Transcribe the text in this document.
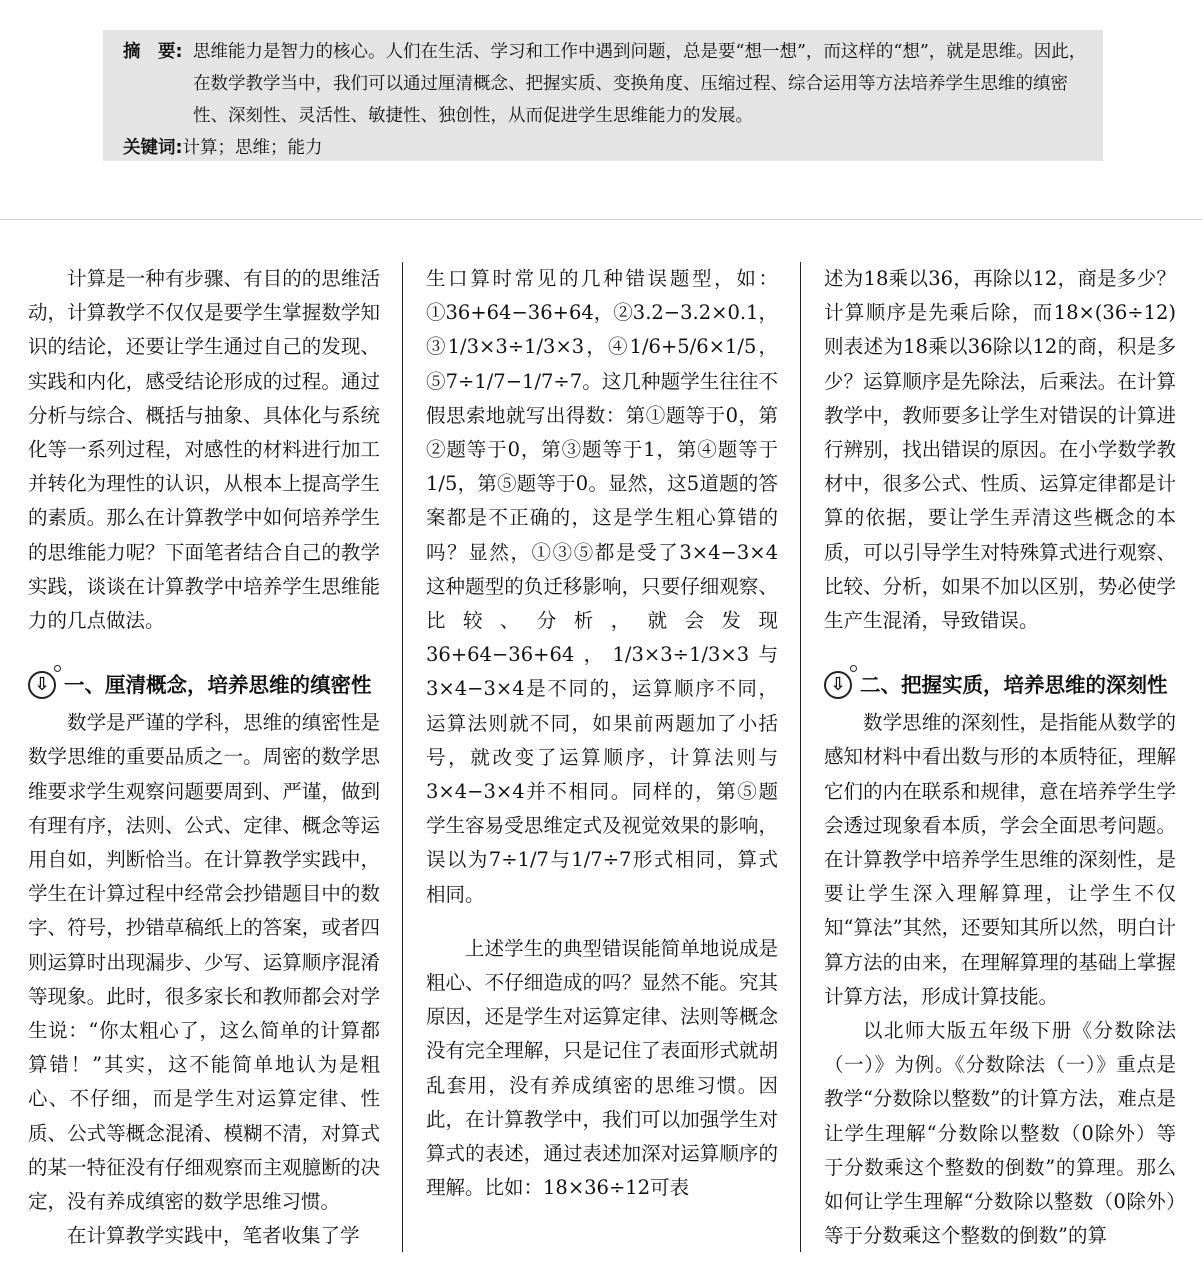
摘　要: 思维能力是智力的核心。人们在生活、学习和工作中遇到问题，总是要“想一想”，而这样的“想”，就是思维。因此，在数学教学当中，我们可以通过厘清概念、把握实质、变换角度、压缩过程、综合运用等方法培养学生思维的缜密性、深刻性、灵活性、敏捷性、独创性，从而促进学生思维能力的发展。
关键词: 计算；思维；能力

计算是一种有步骤、有目的的思维活动，计算教学不仅仅是要学生掌握数学知识的结论，还要让学生通过自己的发现、实践和内化，感受结论形成的过程。通过分析与综合、概括与抽象、具体化与系统化等一系列过程，对感性的材料进行加工并转化为理性的认识，从根本上提高学生的素质。那么在计算教学中如何培养学生的思维能力呢？下面笔者结合自己的教学实践，谈谈在计算教学中培养学生思维能力的几点做法。

⇩ 一、厘清概念，培养思维的缜密性

数学是严谨的学科，思维的缜密性是数学思维的重要品质之一。周密的数学思维要求学生观察问题要周到、严谨，做到有理有序，法则、公式、定律、概念等运用自如，判断恰当。在计算教学实践中，学生在计算过程中经常会抄错题目中的数字、符号，抄错草稿纸上的答案，或者四则运算时出现漏步、少写、运算顺序混淆等现象。此时，很多家长和教师都会对学生说：“你太粗心了，这么简单的计算都算错！”其实，这不能简单地认为是粗心、不仔细，而是学生对运算定律、性质、公式等概念混淆、模糊不清，对算式的某一特征没有仔细观察而主观臆断的决定，没有养成缜密的数学思维习惯。

在计算教学实践中，笔者收集了学

生口算时常见的几种错误题型，如：①36+64−36+64，②3.2−3.2×0.1，③1/3×3÷1/3×3，④1/6+5/6×1/5，⑤7÷1/7−1/7÷7。这几种题学生往往不假思索地就写出得数：第①题等于0，第②题等于0，第③题等于1，第④题等于1/5，第⑤题等于0。显然，这5道题的答案都是不正确的，这是学生粗心算错的吗？显然，①③⑤都是受了3×4−3×4这种题型的负迁移影响，只要仔细观察、比较、分析，就会发现36+64−36+64，1/3×3÷1/3×3与3×4−3×4是不同的，运算顺序不同，运算法则就不同，如果前两题加了小括号，就改变了运算顺序，计算法则与3×4−3×4并不相同。同样的，第⑤题学生容易受思维定式及视觉效果的影响，误以为7÷1/7与1/7÷7形式相同，算式相同。

上述学生的典型错误能简单地说成是粗心、不仔细造成的吗？显然不能。究其原因，还是学生对运算定律、法则等概念没有完全理解，只是记住了表面形式就胡乱套用，没有养成缜密的思维习惯。因此，在计算教学中，我们可以加强学生对算式的表述，通过表述加深对运算顺序的理解。比如：18×36÷12可表

述为18乘以36，再除以12，商是多少？计算顺序是先乘后除，而18×(36÷12)则表述为18乘以36除以12的商，积是多少？运算顺序是先除法，后乘法。在计算教学中，教师要多让学生对错误的计算进行辨别，找出错误的原因。在小学数学教材中，很多公式、性质、运算定律都是计算的依据，要让学生弄清这些概念的本质，可以引导学生对特殊算式进行观察、比较、分析，如果不加以区别，势必使学生产生混淆，导致错误。

⇩ 二、把握实质，培养思维的深刻性

数学思维的深刻性，是指能从数学的感知材料中看出数与形的本质特征，理解它们的内在联系和规律，意在培养学生学会透过现象看本质，学会全面思考问题。在计算教学中培养学生思维的深刻性，是要让学生深入理解算理，让学生不仅知“算法”其然，还要知其所以然，明白计算方法的由来，在理解算理的基础上掌握计算方法，形成计算技能。

以北师大版五年级下册《分数除法（一）》为例。《分数除法（一）》重点是教学“分数除以整数”的计算方法，难点是让学生理解“分数除以整数（0除外）等于分数乘这个整数的倒数”的算理。那么如何让学生理解“分数除以整数（0除外）等于分数乘这个整数的倒数”的算
